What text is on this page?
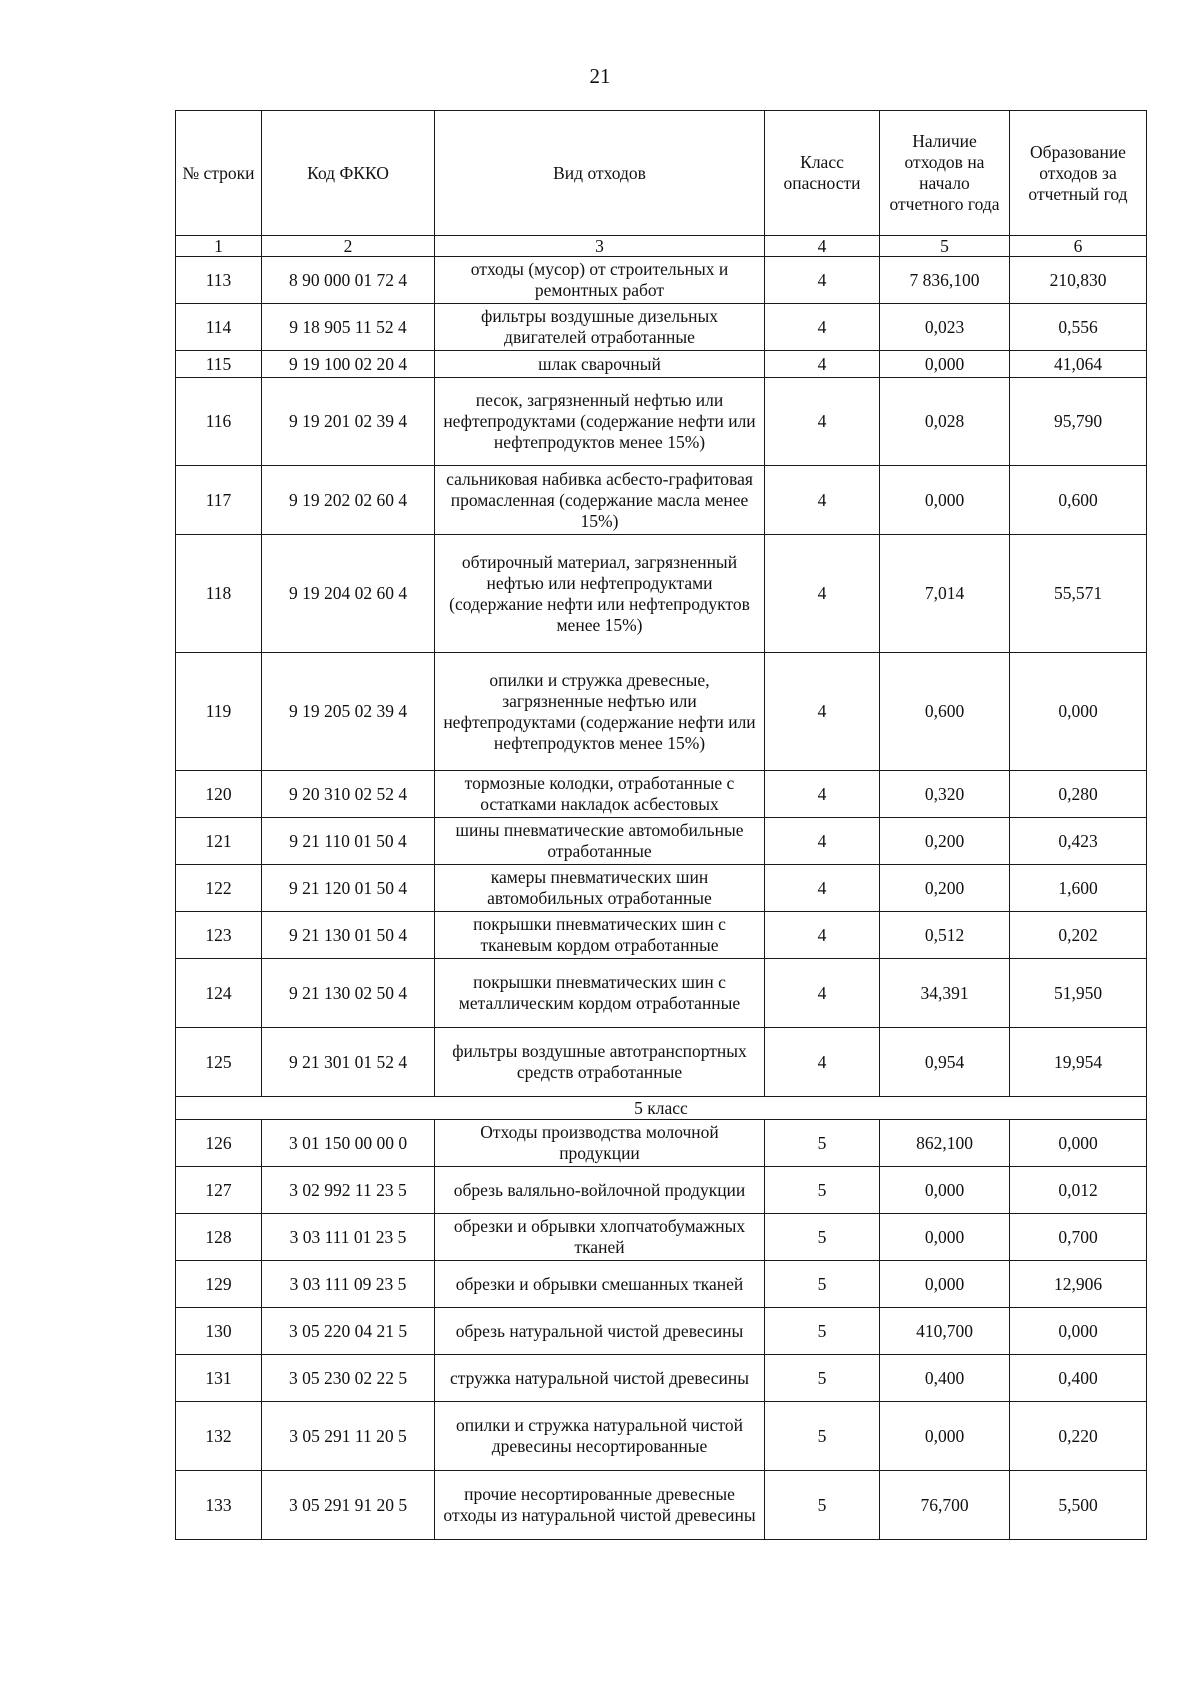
21
№ строки	Код ФККО	Вид отходов	Класс опасности	Наличие отходов на начало отчетного года	Образование отходов за отчетный год
1	2	3	4	5	6
113	8 90 000 01 72 4	отходы (мусор) от строительных и ремонтных работ	4	7 836,100	210,830
114	9 18 905 11 52 4	фильтры воздушные дизельных двигателей отработанные	4	0,023	0,556
115	9 19 100 02 20 4	шлак сварочный	4	0,000	41,064
116	9 19 201 02 39 4	песок, загрязненный нефтью или нефтепродуктами (содержание нефти или нефтепродуктов менее 15%)	4	0,028	95,790
117	9 19 202 02 60 4	сальниковая набивка асбесто-графитовая промасленная (содержание масла менее 15%)	4	0,000	0,600
118	9 19 204 02 60 4	обтирочный материал, загрязненный нефтью или нефтепродуктами (содержание нефти или нефтепродуктов менее 15%)	4	7,014	55,571
119	9 19 205 02 39 4	опилки и стружка древесные, загрязненные нефтью или нефтепродуктами (содержание нефти или нефтепродуктов менее 15%)	4	0,600	0,000
120	9 20 310 02 52 4	тормозные колодки, отработанные с остатками накладок асбестовых	4	0,320	0,280
121	9 21 110 01 50 4	шины пневматические автомобильные отработанные	4	0,200	0,423
122	9 21 120 01 50 4	камеры пневматических шин автомобильных отработанные	4	0,200	1,600
123	9 21 130 01 50 4	покрышки пневматических шин с тканевым кордом отработанные	4	0,512	0,202
124	9 21 130 02 50 4	покрышки пневматических шин с металлическим кордом отработанные	4	34,391	51,950
125	9 21 301 01 52 4	фильтры воздушные автотранспортных средств отработанные	4	0,954	19,954
5 класс					
126	3 01 150 00 00 0	Отходы производства молочной продукции	5	862,100	0,000
127	3 02 992 11 23 5	обрезь валяльно-войлочной продукции	5	0,000	0,012
128	3 03 111 01 23 5	обрезки и обрывки хлопчатобумажных тканей	5	0,000	0,700
129	3 03 111 09 23 5	обрезки и обрывки смешанных тканей	5	0,000	12,906
130	3 05 220 04 21 5	обрезь натуральной чистой древесины	5	410,700	0,000
131	3 05 230 02 22 5	стружка натуральной чистой древесины	5	0,400	0,400
132	3 05 291 11 20 5	опилки и стружка натуральной чистой древесины несортированные	5	0,000	0,220
133	3 05 291 91 20 5	прочие несортированные древесные отходы из натуральной чистой древесины	5	76,700	5,500
